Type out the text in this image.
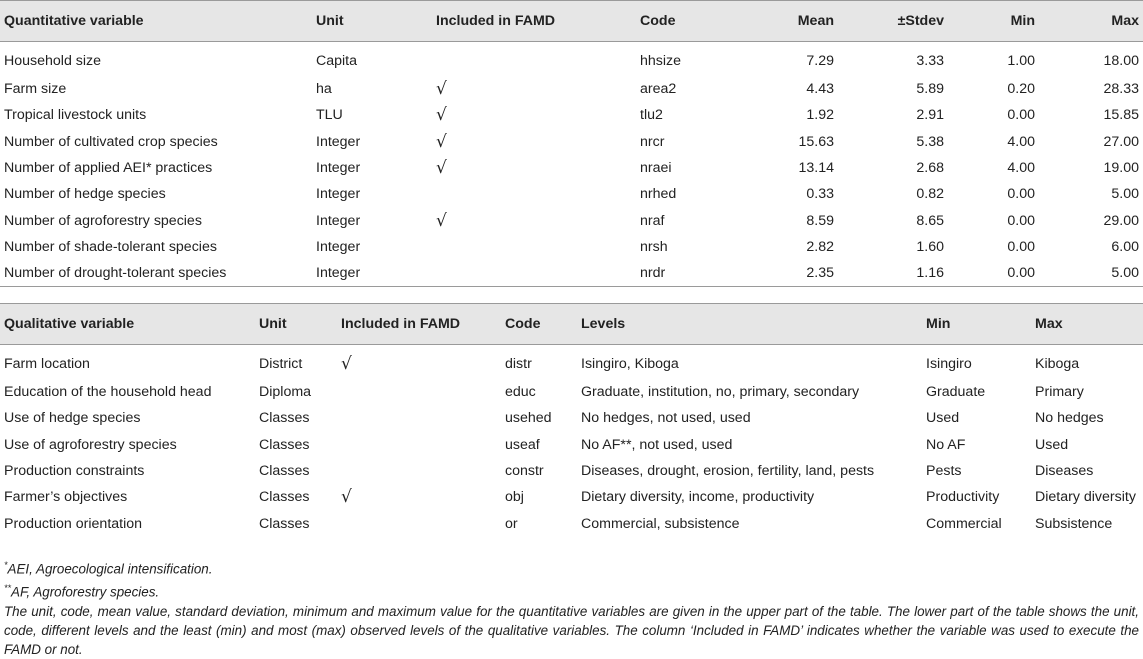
Quantitative variable	Unit	Included in FAMD	Code	Mean	±Stdev	Min	Max
Household size	Capita		hhsize	7.29	3.33	1.00	18.00
Farm size	ha	√	area2	4.43	5.89	0.20	28.33
Tropical livestock units	TLU	√	tlu2	1.92	2.91	0.00	15.85
Number of cultivated crop species	Integer	√	nrcr	15.63	5.38	4.00	27.00
Number of applied AEI* practices	Integer	√	nraei	13.14	2.68	4.00	19.00
Number of hedge species	Integer		nrhed	0.33	0.82	0.00	5.00
Number of agroforestry species	Integer	√	nraf	8.59	8.65	0.00	29.00
Number of shade-tolerant species	Integer		nrsh	2.82	1.60	0.00	6.00
Number of drought-tolerant species	Integer		nrdr	2.35	1.16	0.00	5.00
Qualitative variable	Unit	Included in FAMD	Code	Levels	Min	Max
Farm location	District	√	distr	Isingiro, Kiboga	Isingiro	Kiboga
Education of the household head	Diploma		educ	Graduate, institution, no, primary, secondary	Graduate	Primary
Use of hedge species	Classes		usehed	No hedges, not used, used	Used	No hedges
Use of agroforestry species	Classes		useaf	No AF**, not used, used	No AF	Used
Production constraints	Classes		constr	Diseases, drought, erosion, fertility, land, pests	Pests	Diseases
Farmer’s objectives	Classes	√	obj	Dietary diversity, income, productivity	Productivity	Dietary diversity
Production orientation	Classes		or	Commercial, subsistence	Commercial	Subsistence
*AEI, Agroecological intensification.
**AF, Agroforestry species.
The unit, code, mean value, standard deviation, minimum and maximum value for the quantitative variables are given in the upper part of the table. The lower part of the table shows the unit, code, different levels and the least (min) and most (max) observed levels of the qualitative variables. The column ‘Included in FAMD’ indicates whether the variable was used to execute the FAMD or not.
